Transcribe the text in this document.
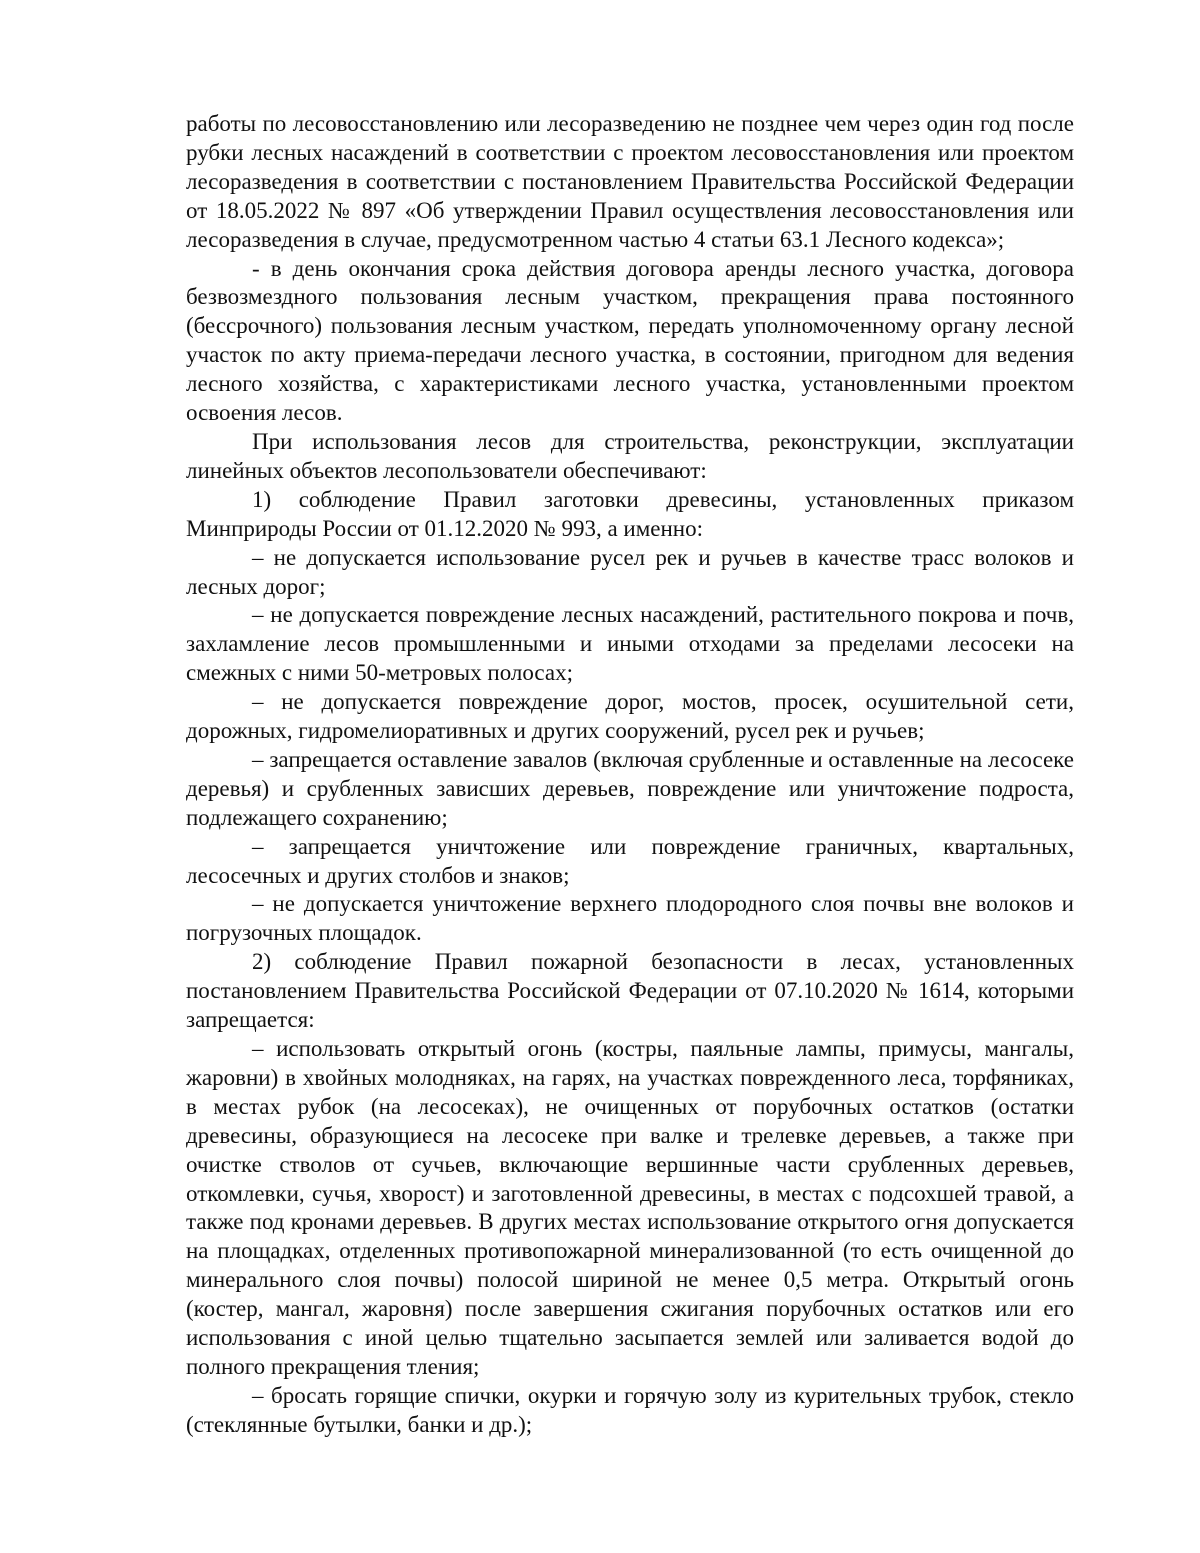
работы по лесовосстановлению или лесоразведению не позднее чем через один год после рубки лесных насаждений в соответствии с проектом лесовосстановления или проектом лесоразведения в соответствии с постановлением Правительства Российской Федерации от 18.05.2022 № 897 «Об утверждении Правил осуществления лесовосстановления или лесоразведения в случае, предусмотренном частью 4 статьи 63.1 Лесного кодекса»;

- в день окончания срока действия договора аренды лесного участка, договора безвозмездного пользования лесным участком, прекращения права постоянного (бессрочного) пользования лесным участком, передать уполномоченному органу лесной участок по акту приема-передачи лесного участка, в состоянии, пригодном для ведения лесного хозяйства, с характеристиками лесного участка, установленными проектом освоения лесов.

При использования лесов для строительства, реконструкции, эксплуатации линейных объектов лесопользователи обеспечивают:

1) соблюдение Правил заготовки древесины, установленных приказом Минприроды России от 01.12.2020 № 993, а именно:

– не допускается использование русел рек и ручьев в качестве трасс волоков и лесных дорог;

– не допускается повреждение лесных насаждений, растительного покрова и почв, захламление лесов промышленными и иными отходами за пределами лесосеки на смежных с ними 50-метровых полосах;

– не допускается повреждение дорог, мостов, просек, осушительной сети, дорожных, гидромелиоративных и других сооружений, русел рек и ручьев;

– запрещается оставление завалов (включая срубленные и оставленные на лесосеке деревья) и срубленных зависших деревьев, повреждение или уничтожение подроста, подлежащего сохранению;

– запрещается уничтожение или повреждение граничных, квартальных, лесосечных и других столбов и знаков;

– не допускается уничтожение верхнего плодородного слоя почвы вне волоков и погрузочных площадок.

2) соблюдение Правил пожарной безопасности в лесах, установленных постановлением Правительства Российской Федерации от 07.10.2020 № 1614, которыми запрещается:

– использовать открытый огонь (костры, паяльные лампы, примусы, мангалы, жаровни) в хвойных молодняках, на гарях, на участках поврежденного леса, торфяниках, в местах рубок (на лесосеках), не очищенных от порубочных остатков (остатки древесины, образующиеся на лесосеке при валке и трелевке деревьев, а также при очистке стволов от сучьев, включающие вершинные части срубленных деревьев, откомлевки, сучья, хворост) и заготовленной древесины, в местах с подсохшей травой, а также под кронами деревьев. В других местах использование открытого огня допускается на площадках, отделенных противопожарной минерализованной (то есть очищенной до минерального слоя почвы) полосой шириной не менее 0,5 метра. Открытый огонь (костер, мангал, жаровня) после завершения сжигания порубочных остатков или его использования с иной целью тщательно засыпается землей или заливается водой до полного прекращения тления;

– бросать горящие спички, окурки и горячую золу из курительных трубок, стекло (стеклянные бутылки, банки и др.);
